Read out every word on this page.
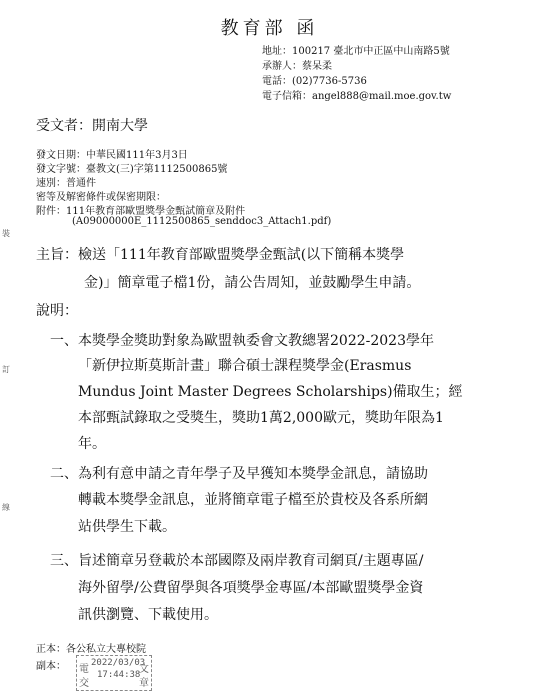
教育部 函
地址：100217 臺北市中正區中山南路5號
承辦人：蔡呆柔
電話：(02)7736-5736
電子信箱：angel888@mail.moe.gov.tw
受文者：開南大學
發文日期：中華民國111年3月3日
發文字號：臺教文(三)字第1112500865號
速別：普通件
密等及解密條件或保密期限：
附件：111年教育部歐盟獎學金甄試簡章及附件
(A09000000E_1112500865_senddoc3_Attach1.pdf)
主旨：檢送「111年教育部歐盟獎學金甄試(以下簡稱本獎學
金)」簡章電子檔1份，請公告周知，並鼓勵學生申請。
說明：
一、本獎學金獎助對象為歐盟執委會文教總署2022-2023學年
「新伊拉斯莫斯計畫」聯合碩士課程獎學金(Erasmus
Mundus Joint Master Degrees Scholarships)備取生；經
本部甄試錄取之受獎生，獎助1萬2,000歐元，獎助年限為1
年。
二、為利有意申請之青年學子及早獲知本獎學金訊息，請協助
轉載本獎學金訊息，並將簡章電子檔至於貴校及各系所網
站供學生下載。
三、旨述簡章另登載於本部國際及兩岸教育司網頁/主題專區/
海外留學/公費留學與各項獎學金專區/本部歐盟獎學金資
訊供瀏覽、下載使用。
正本：各公私立大專校院
副本： 電
交
文
章
2022/03/03
17:44:38
裝
訂
線
